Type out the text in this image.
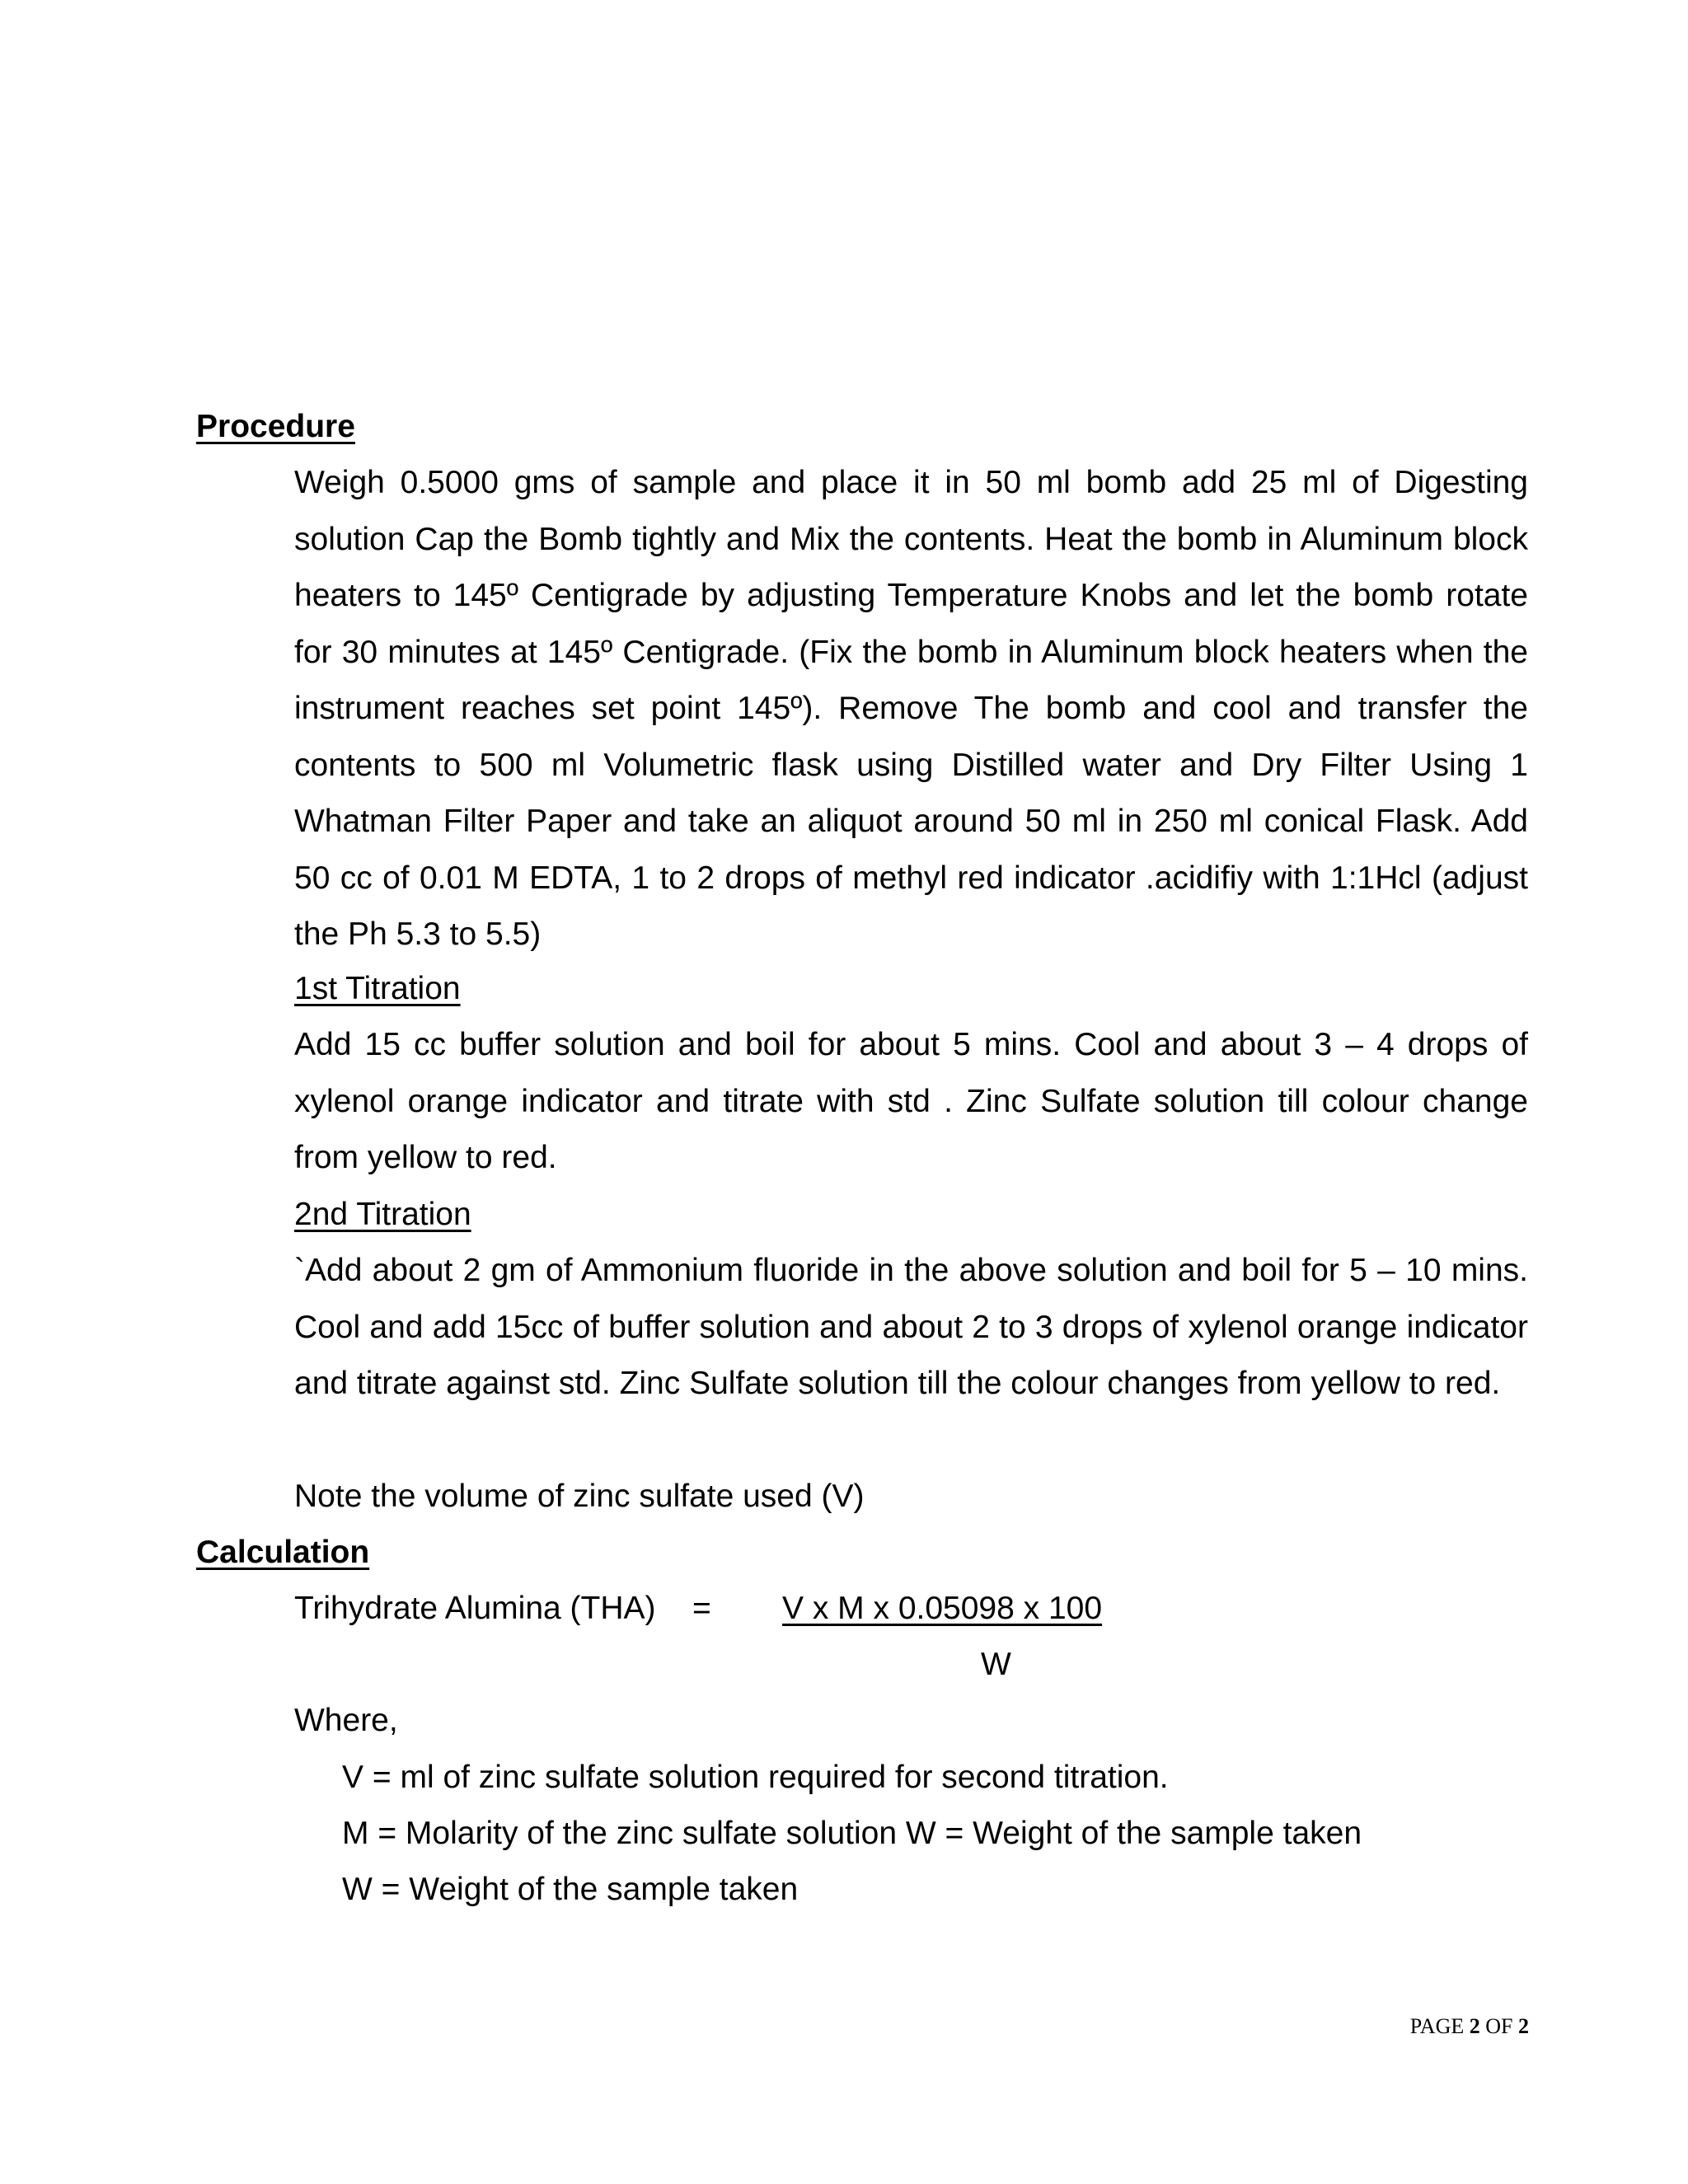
Procedure
Weigh 0.5000 gms of sample and place it in 50 ml bomb add 25 ml of Digesting solution Cap the Bomb tightly and Mix the contents. Heat the bomb in Aluminum block heaters to 145º Centigrade by adjusting Temperature Knobs and let the bomb rotate for 30 minutes at 145º Centigrade. (Fix the bomb in Aluminum block heaters when the instrument reaches set point 145º). Remove The bomb and cool and transfer the contents to 500 ml Volumetric flask using Distilled water and Dry Filter Using 1 Whatman Filter Paper and take an aliquot around 50 ml in 250 ml conical Flask. Add 50 cc of 0.01 M EDTA, 1 to 2 drops of methyl red indicator .acidifiy with 1:1Hcl (adjust the Ph 5.3 to 5.5)
1st Titration
Add 15 cc buffer solution and boil for about 5 mins. Cool and about 3 – 4 drops of xylenol orange indicator and titrate with std . Zinc Sulfate solution till colour change from yellow to red.
2nd Titration
`Add about 2 gm of Ammonium fluoride in the above solution and boil for 5 – 10 mins. Cool and add 15cc of buffer solution and about 2 to 3 drops of xylenol orange indicator and titrate against std. Zinc Sulfate solution till the colour changes from yellow to red.
Note the volume of zinc sulfate used (V)
Calculation
Trihydrate Alumina (THA) = V x M x 0.05098 x 100
W
Where,
V = ml of zinc sulfate solution required for second titration.
M = Molarity of the zinc sulfate solution W = Weight of the sample taken
W = Weight of the sample taken
PAGE 2 OF 2
